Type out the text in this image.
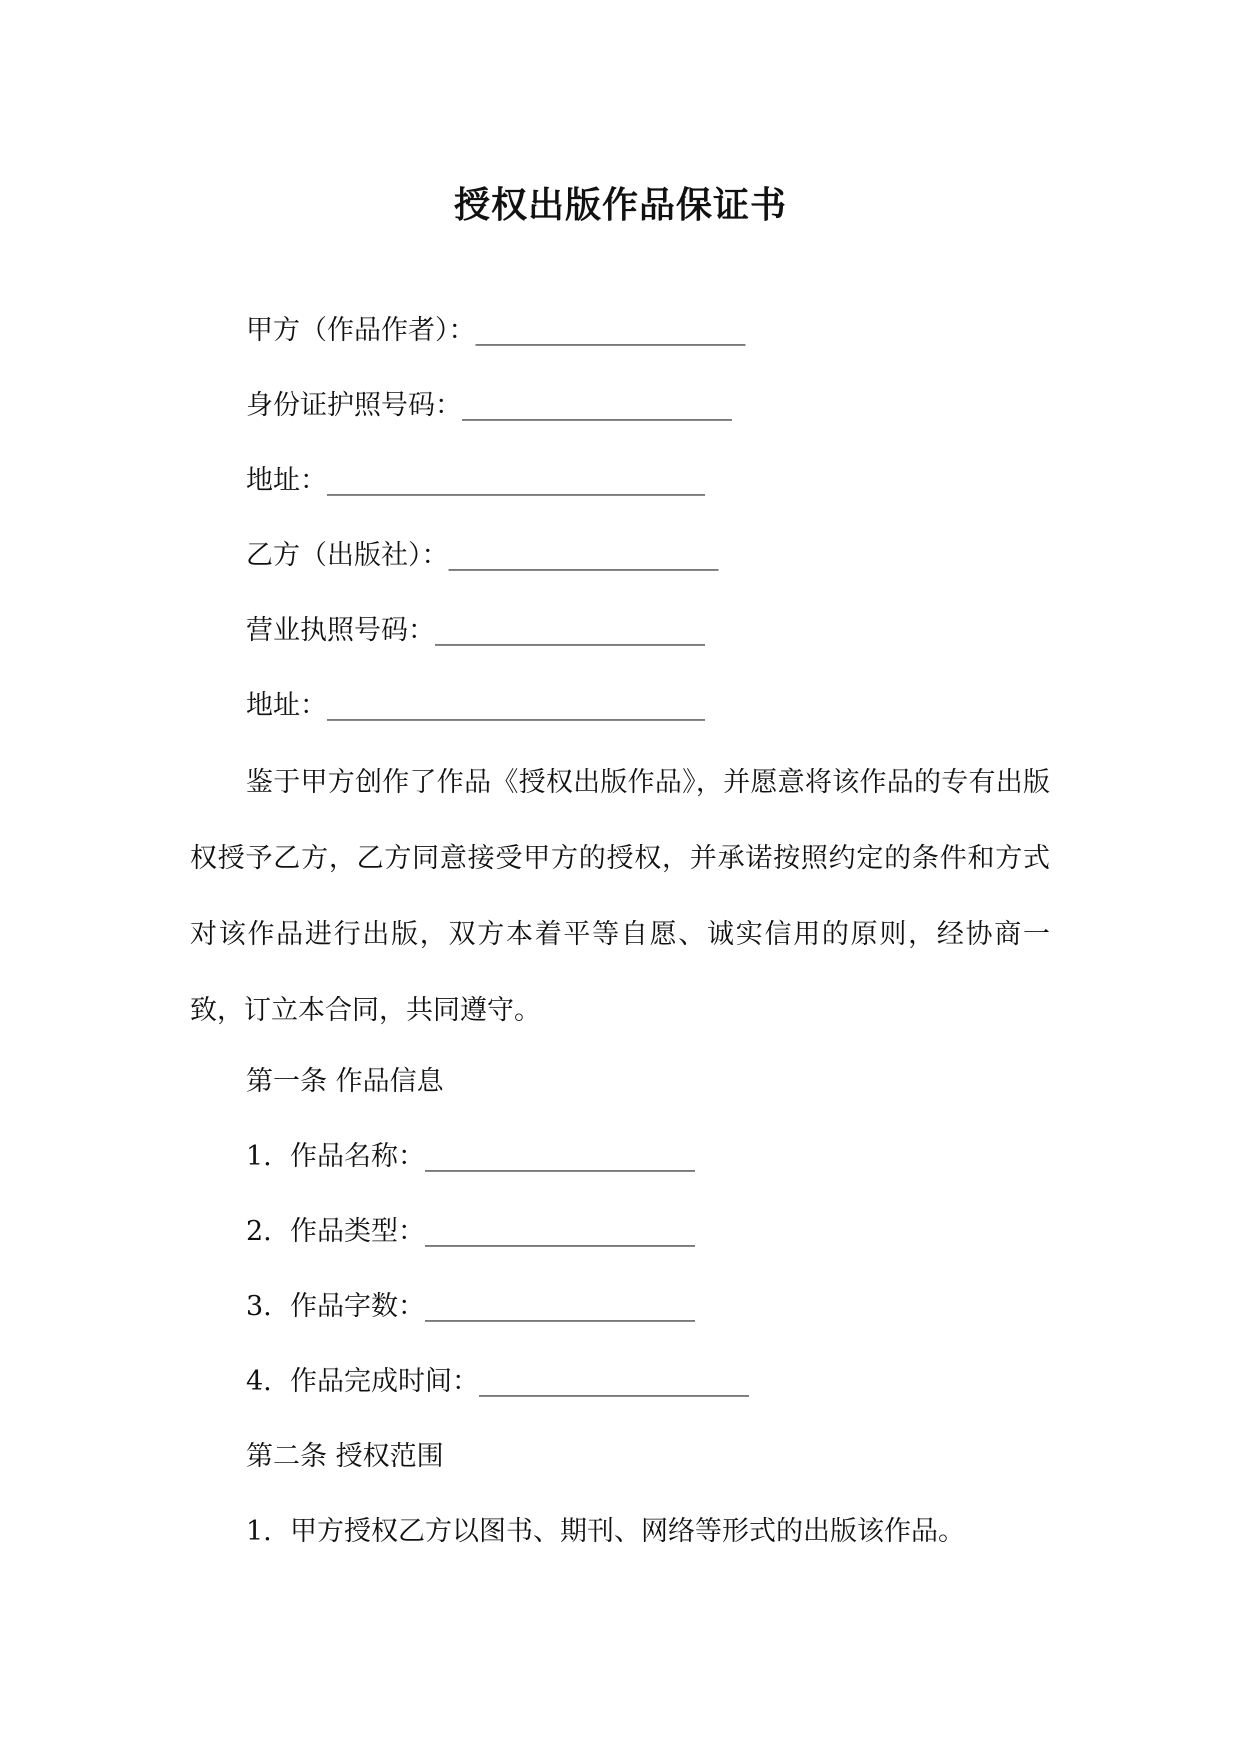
授权出版作品保证书
甲方（作品作者）：____________________
身份证护照号码：____________________
地址：____________________________
乙方（出版社）：____________________
营业执照号码：____________________
地址：____________________________
鉴于甲方创作了作品《授权出版作品》，并愿意将该作品的专有出版权授予乙方，乙方同意接受甲方的授权，并承诺按照约定的条件和方式对该作品进行出版，双方本着平等自愿、诚实信用的原则，经协商一致，订立本合同，共同遵守。
第一条 作品信息
1. 作品名称：____________________
2. 作品类型：____________________
3. 作品字数：____________________
4. 作品完成时间：____________________
第二条 授权范围
1. 甲方授权乙方以图书、期刊、网络等形式的出版该作品。
